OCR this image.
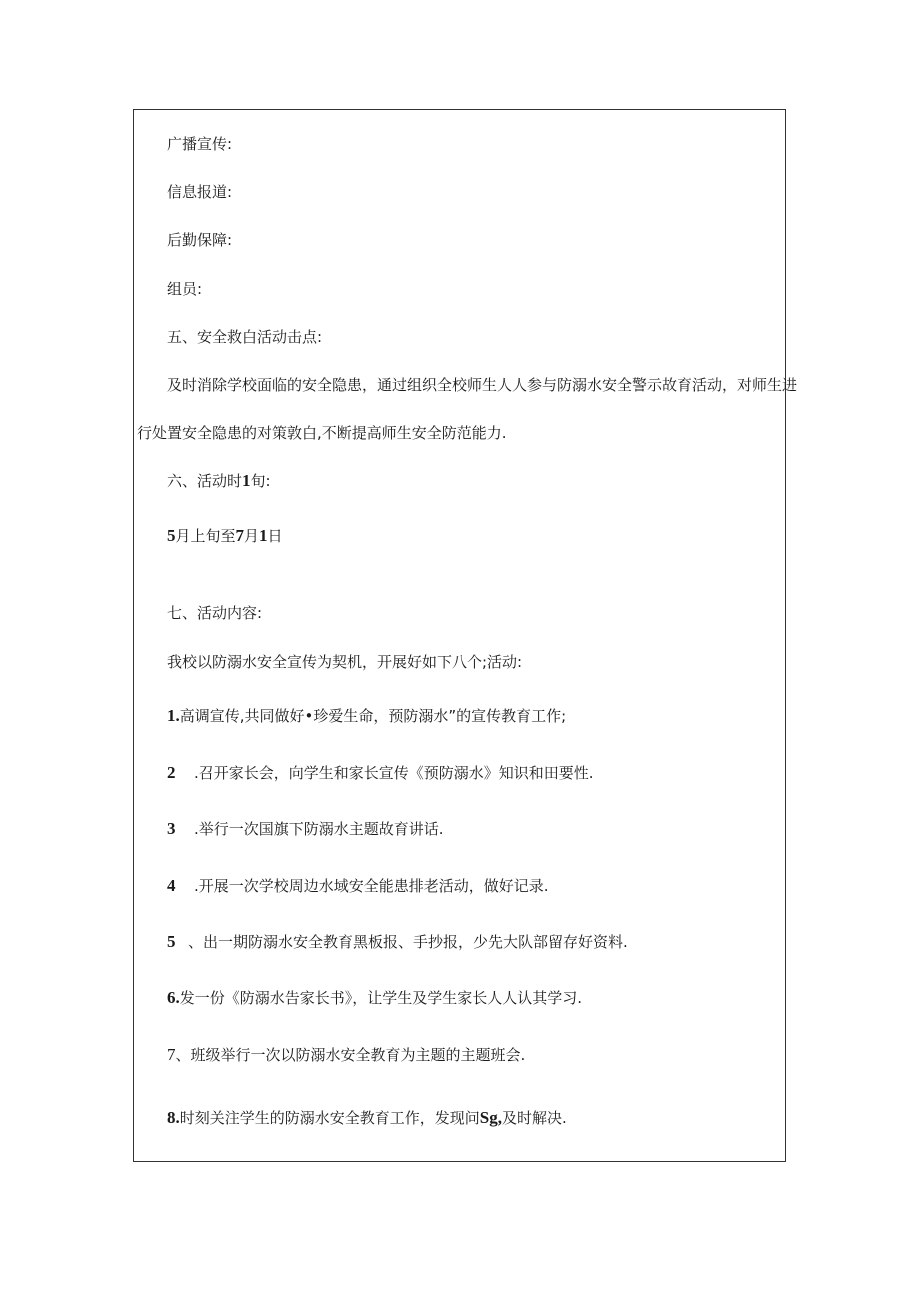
广播宣传:
信息报道:
后勤保障:
组员:
五、安全救白活动击点:
及时消除学校面临的安全隐患，通过组织全校师生人人参与防溺水安全警示故育活动，对师生进
行处置安全隐患的对策敦白,不断提高师生安全防范能力.
六、活动时1旬:
5月上旬至7月1日
七、活动内容:
我校以防溺水安全宣传为契机，开展好如下八个;活动:
1.高调宣传,共同做好•珍爱生命，预防溺水”的宣传教育工作;
2 .召开家长会，向学生和家长宣传《预防溺水》知识和田要性.
3 .举行一次国旗下防溺水主题故育讲话.
4 .开展一次学校周边水域安全能患排老活动，做好记录.
5 、出一期防溺水安全教育黑板报、手抄报，少先大队部留存好资料.
6.发一份《防溺水告家长书》，让学生及学生家长人人认其学习.
7、班级举行一次以防溺水安全教育为主题的主题班会.
8.时刻关注学生的防溺水安全教育工作，发现问Sg,及时解决.
